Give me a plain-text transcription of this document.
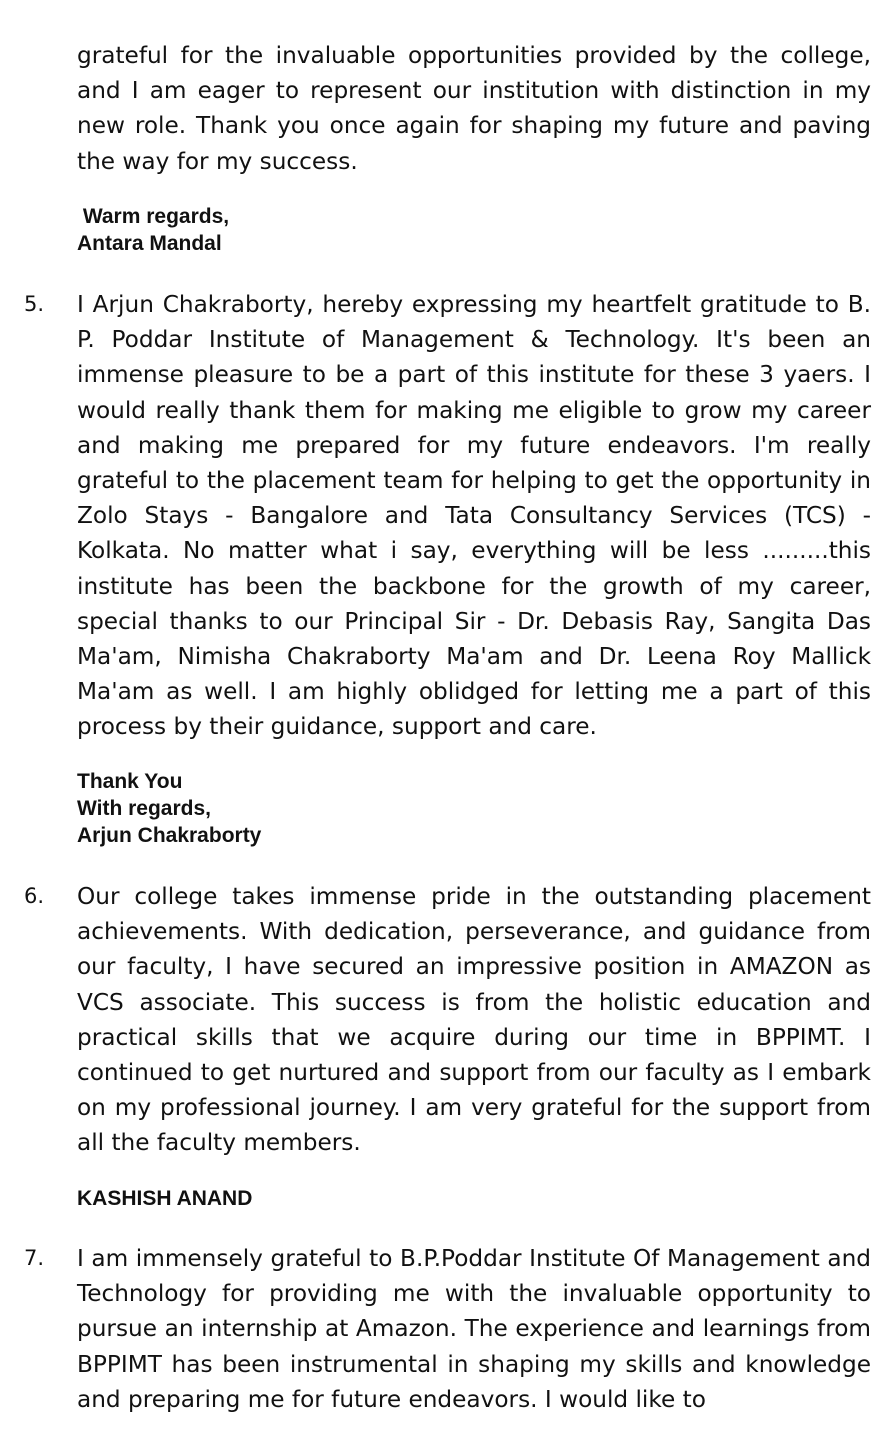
grateful for the invaluable opportunities provided by the college, and I am eager to represent our institution with distinction in my new role. Thank you once again for shaping my future and paving the way for my success.

Warm regards,
Antara Mandal
5. I Arjun Chakraborty, hereby expressing my heartfelt gratitude to B. P. Poddar Institute of Management & Technology. It's been an immense pleasure to be a part of this institute for these 3 yaers. I would really thank them for making me eligible to grow my career and making me prepared for my future endeavors. I'm really grateful to the placement team for helping to get the opportunity in Zolo Stays - Bangalore and Tata Consultancy Services (TCS) - Kolkata. No matter what i say, everything will be less .........this institute has been the backbone for the growth of my career, special thanks to our Principal Sir - Dr. Debasis Ray, Sangita Das Ma'am, Nimisha Chakraborty Ma'am and Dr. Leena Roy Mallick Ma'am as well. I am highly oblidged for letting me a part of this process by their guidance, support and care.

Thank You
With regards,
Arjun Chakraborty
6. Our college takes immense pride in the outstanding placement achievements. With dedication, perseverance, and guidance from our faculty, I have secured an impressive position in AMAZON as VCS associate. This success is from the holistic education and practical skills that we acquire during our time in BPPIMT. I continued to get nurtured and support from our faculty as I embark on my professional journey. I am very grateful for the support from all the faculty members.

KASHISH ANAND
7. I am immensely grateful to B.P.Poddar Institute Of Management and Technology for providing me with the invaluable opportunity to pursue an internship at Amazon. The experience and learnings from BPPIMT has been instrumental in shaping my skills and knowledge and preparing me for future endeavors. I would like to
